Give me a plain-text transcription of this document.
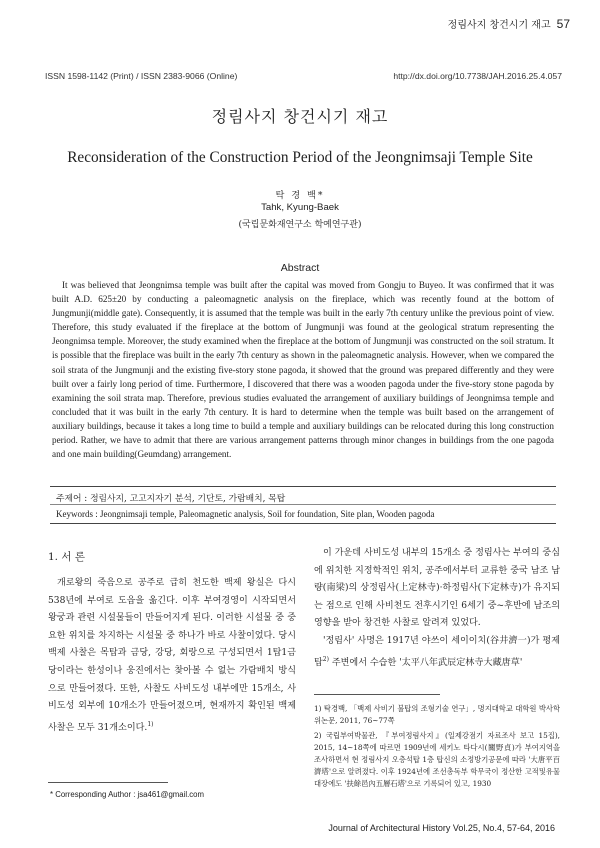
정림사지 창건시기 재고 57
ISSN 1598-1142 (Print) / ISSN 2383-9066 (Online)	http://dx.doi.org/10.7738/JAH.2016.25.4.057
정림사지 창건시기 재고
Reconsideration of the Construction Period of the Jeongnimsaji Temple Site
탁 경 백*
Tahk, Kyung-Baek
(국립문화재연구소 학예연구관)
Abstract
It was believed that Jeongnimsa temple was built after the capital was moved from Gongju to Buyeo. It was confirmed that it was built A.D. 625±20 by conducting a paleomagnetic analysis on the fireplace, which was recently found at the bottom of Jungmunji(middle gate). Consequently, it is assumed that the temple was built in the early 7th century unlike the previous point of view. Therefore, this study evaluated if the fireplace at the bottom of Jungmunji was found at the geological stratum representing the Jeongnimsa temple. Moreover, the study examined when the fireplace at the bottom of Jungmunji was constructed on the soil stratum. It is possible that the fireplace was built in the early 7th century as shown in the paleomagnetic analysis. However, when we compared the soil strata of the Jungmunji and the existing five-story stone pagoda, it showed that the ground was prepared differently and they were built over a fairly long period of time. Furthermore, I discovered that there was a wooden pagoda under the five-story stone pagoda by examining the soil strata map. Therefore, previous studies evaluated the arrangement of auxiliary buildings of Jeongnimsa temple and concluded that it was built in the early 7th century. It is hard to determine when the temple was built based on the arrangement of auxiliary buildings, because it takes a long time to build a temple and auxiliary buildings can be relocated during this long construction period. Rather, we have to admit that there are various arrangement patterns through minor changes in buildings from the one pagoda and one main building(Geumdang) arrangement.
주제어 : 정림사지, 고고지자기 분석, 기단토, 가람배치, 목탑
Keywords : Jeongnimsaji temple, Paleomagnetic analysis, Soil for foundation, Site plan, Wooden pagoda
1. 서 론
개로왕의 죽음으로 공주로 급히 천도한 백제 왕실은 다시 538년에 부여로 도읍을 옮긴다. 이후 부여경영이 시작되면서 왕궁과 관련 시설물들이 만들어지게 된다. 이러한 시설물 중 중요한 위치를 차지하는 시설물 중 하나가 바로 사찰이었다. 당시 백제 사찰은 목탑과 금당, 강당, 회랑으로 구성되면서 1탑1금당이라는 한성이나 웅진에서는 찾아볼 수 없는 가람배치 방식으로 만들어졌다. 또한, 사찰도 사비도성 내부에만 15개소, 사비도성 외부에 10개소가 만들어졌으며, 현재까지 확인된 백제 사찰은 모두 31개소이다.$^{1)}$
* Corresponding Author : jsa461@gmail.com

이 가운데 사비도성 내부의 15개소 중 정림사는 부여의 중심에 위치한 지정학적인 위치, 공주에서부터 교류한 중국 남조 남량(南梁)의 상정림사(上定林寺)·하정림사(下定林寺)가 유지되는 점으로 인해 사비천도 전후시기인 6세기 중~후반에 남조의 영향을 받아 창건한 사찰로 알려져 있었다.

'정림사' 사명은 1917년 야쓰이 세이이치(谷井濟一)가 평제탑$^{2)}$ 주변에서 수습한 '太平八年武辰定林寺大藏唐草'

1) 탁경백, 「백제 사비기 불탑의 조형기술 연구」, 명지대학교 대학원 박사학위논문, 2011, 76~77쪽
2) 국립부여박물관, 『부여정림사지』(일제강점기 자료조사 보고 15집), 2015, 14~18쪽에 따르면 1909년에 세키노 타다시(關野貞)가 부여지역을 조사하면서 현 정림사지 오층석탑 1층 탑신의 소정방기공문에 따라 '大唐平百濟塔'으로 알려졌다. 이후 1924년에 조선총독부 학무국이 정산한 고적및유물대장에도 '扶餘邑內五層石塔'으로 기록되어 있고, 1930
Journal of Architectural History Vol.25, No.4, 57-64, 2016
